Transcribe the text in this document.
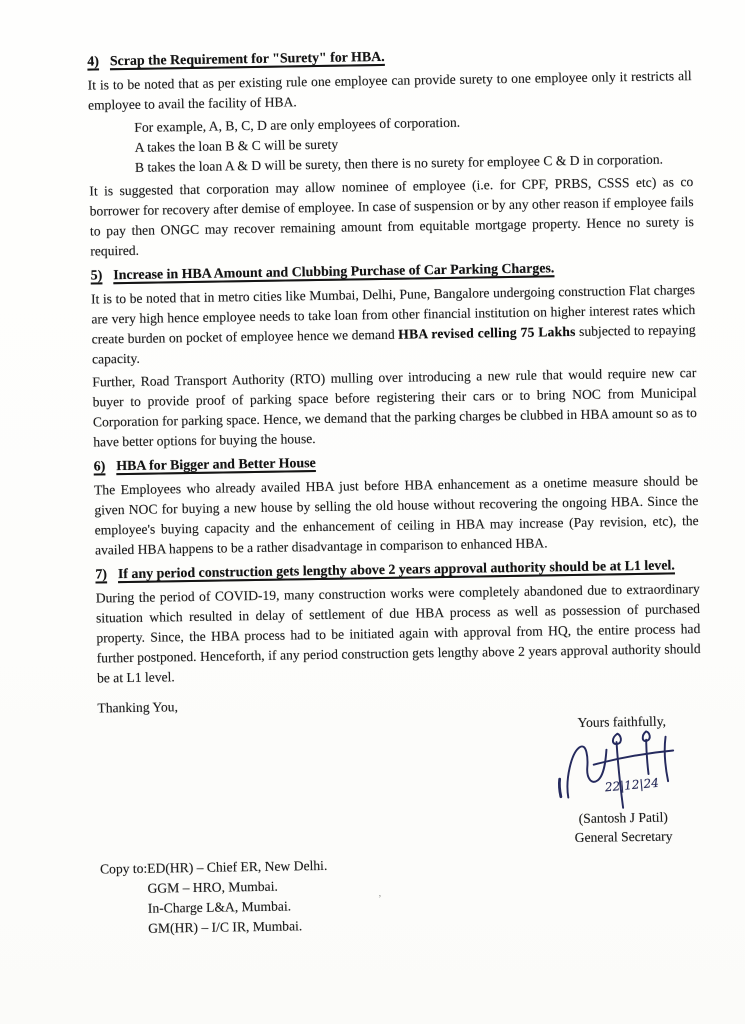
4) Scrap the Requirement for "Surety" for HBA.

It is to be noted that as per existing rule one employee can provide surety to one employee only it restricts all employee to avail the facility of HBA.

For example, A, B, C, D are only employees of corporation.
A takes the loan B & C will be surety
B takes the loan A & D will be surety, then there is no surety for employee C & D in corporation.

It is suggested that corporation may allow nominee of employee (i.e. for CPF, PRBS, CSSS etc) as co borrower for recovery after demise of employee. In case of suspension or by any other reason if employee fails to pay then ONGC may recover remaining amount from equitable mortgage property. Hence no surety is required.

5) Increase in HBA Amount and Clubbing Purchase of Car Parking Charges.

It is to be noted that in metro cities like Mumbai, Delhi, Pune, Bangalore undergoing construction Flat charges are very high hence employee needs to take loan from other financial institution on higher interest rates which create burden on pocket of employee hence we demand HBA revised celling 75 Lakhs subjected to repaying capacity.

Further, Road Transport Authority (RTO) mulling over introducing a new rule that would require new car buyer to provide proof of parking space before registering their cars or to bring NOC from Municipal Corporation for parking space. Hence, we demand that the parking charges be clubbed in HBA amount so as to have better options for buying the house.

6) HBA for Bigger and Better House

The Employees who already availed HBA just before HBA enhancement as a onetime measure should be given NOC for buying a new house by selling the old house without recovering the ongoing HBA. Since the employee's buying capacity and the enhancement of ceiling in HBA may increase (Pay revision, etc), the availed HBA happens to be a rather disadvantage in comparison to enhanced HBA.

7) If any period construction gets lengthy above 2 years approval authority should be at L1 level.

During the period of COVID-19, many construction works were completely abandoned due to extraordinary situation which resulted in delay of settlement of due HBA process as well as possession of purchased property. Since, the HBA process had to be initiated again with approval from HQ, the entire process had further postponed. Henceforth, if any period construction gets lengthy above 2 years approval authority should be at L1 level.

Thanking You,

Yours faithfully,
22|12|24
(Santosh J Patil)
General Secretary
Copy to: ED(HR) – Chief ER, New Delhi.
GGM – HRO, Mumbai.
In-Charge L&A, Mumbai.
GM(HR) – I/C IR, Mumbai.
’
